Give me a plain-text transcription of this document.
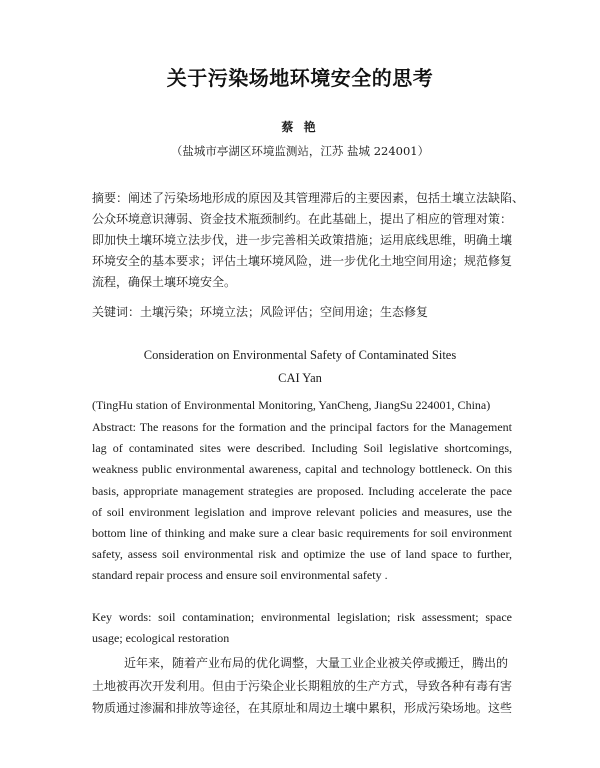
关于污染场地环境安全的思考
蔡 艳
（盐城市亭湖区环境监测站，江苏 盐城 224001）
摘要：阐述了污染场地形成的原因及其管理滞后的主要因素，包括土壤立法缺陷、
公众环境意识薄弱、资金技术瓶颈制约。在此基础上，提出了相应的管理对策：
即加快土壤环境立法步伐，进一步完善相关政策措施；运用底线思维，明确土壤
环境安全的基本要求；评估土壤环境风险，进一步优化土地空间用途；规范修复
流程，确保土壤环境安全。
关键词：土壤污染；环境立法；风险评估；空间用途；生态修复
Consideration on Environmental Safety of Contaminated Sites
CAI Yan
(TingHu station of Environmental Monitoring, YanCheng, JiangSu 224001, China)
Abstract: The reasons for the formation and the principal factors for the Management lag of contaminated sites were described. Including Soil legislative shortcomings, weakness public environmental awareness, capital and technology bottleneck. On this basis, appropriate management strategies are proposed. Including accelerate the pace of soil environment legislation and improve relevant policies and measures, use the bottom line of thinking and make sure a clear basic requirements for soil environment safety, assess soil environmental risk and optimize the use of land space to further, standard repair process and ensure soil environmental safety .
Key words: soil contamination; environmental legislation; risk assessment; space usage; ecological restoration
近年来，随着产业布局的优化调整，大量工业企业被关停或搬迁，腾出的
土地被再次开发利用。但由于污染企业长期粗放的生产方式，导致各种有毒有害
物质通过渗漏和排放等途径，在其原址和周边土壤中累积，形成污染场地。这些
